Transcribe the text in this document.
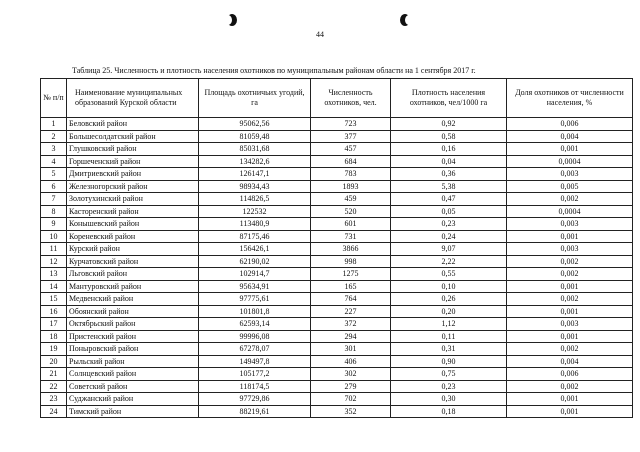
44
Таблица 25. Численность и плотность населения охотников по муниципальным районам области на 1 сентября 2017 г.
№ п/п	Наименование муниципальных образований Курской области	Площадь охотничьих угодий, га	Численность охотников, чел.	Плотность населения охотников, чел/1000 га	Доля охотников от численности населения, %
1	Беловский район	95062,56	723	0,92	0,006
2	Большесолдатский район	81059,48	377	0,58	0,004
3	Глушковский район	85031,68	457	0,16	0,001
4	Горшеченский район	134282,6	684	0,04	0,0004
5	Дмитриевский район	126147,1	783	0,36	0,003
6	Железногорский район	98934,43	1893	5,38	0,005
7	Золотухинский район	114826,5	459	0,47	0,002
8	Касторенский район	122532	520	0,05	0,0004
9	Конышевский район	113480,9	601	0,23	0,003
10	Кореневский район	87175,46	731	0,24	0,001
11	Курский район	156426,1	3866	9,07	0,003
12	Курчатовский район	62190,02	998	2,22	0,002
13	Льговский район	102914,7	1275	0,55	0,002
14	Мантуровский район	95634,91	165	0,10	0,001
15	Медвенский район	97775,61	764	0,26	0,002
16	Обоянский район	101801,8	227	0,20	0,001
17	Октябрьский район	62593,14	372	1,12	0,003
18	Пристенский район	99996,08	294	0,11	0,001
19	Поныровский район	67278,07	301	0,31	0,002
20	Рыльский район	149497,8	406	0,90	0,004
21	Солнцевский район	105177,2	302	0,75	0,006
22	Советский район	118174,5	279	0,23	0,002
23	Суджанский район	97729,86	702	0,30	0,001
24	Тимский район	88219,61	352	0,18	0,001
